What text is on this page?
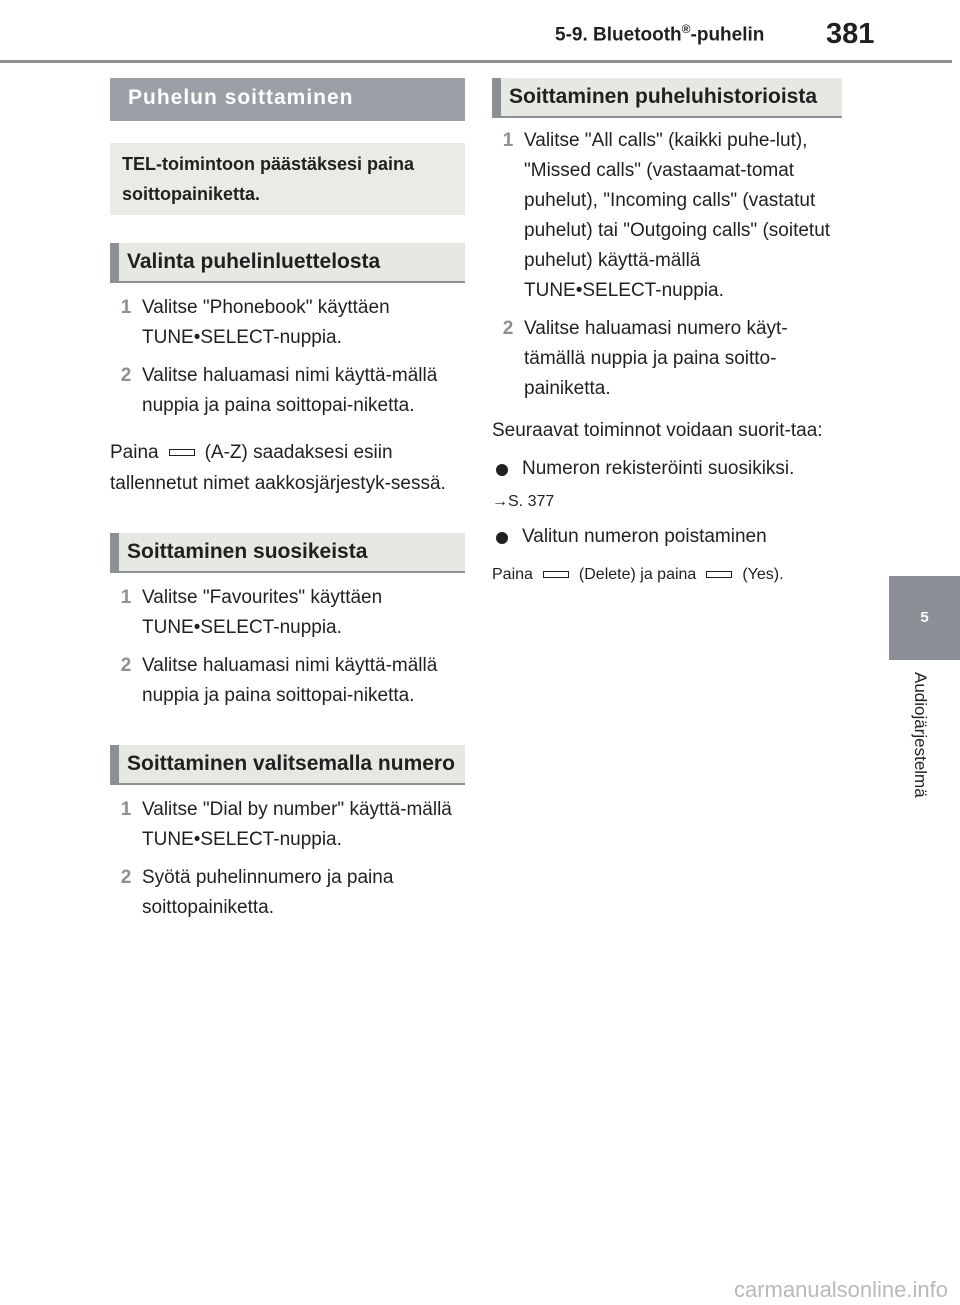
5-9. Bluetooth®-puhelin 381
5
Audiojärjestelmä
Puhelun soittaminen
TEL-toimintoon päästäksesi paina soittopainiketta.
Valinta puhelinluettelosta
1 Valitse "Phonebook" käyttäen TUNE•SELECT-nuppia.
2 Valitse haluamasi nimi käyttä-mällä nuppia ja paina soittopai-niketta.
Paina (A-Z) saadaksesi esiin tallennetut nimet aakkosjärjestyk-sessä.
Soittaminen suosikeista
1 Valitse "Favourites" käyttäen TUNE•SELECT-nuppia.
2 Valitse haluamasi nimi käyttä-mällä nuppia ja paina soittopai-niketta.
Soittaminen valitsemalla numero
1 Valitse "Dial by number" käyttä-mällä TUNE•SELECT-nuppia.
2 Syötä puhelinnumero ja paina soittopainiketta.
Soittaminen puheluhistorioista
1 Valitse "All calls" (kaikki puhe-lut), "Missed calls" (vastaamat-tomat puhelut), "Incoming calls" (vastatut puhelut) tai "Outgoing calls" (soitetut puhelut) käyttä-mällä TUNE•SELECT-nuppia.
2 Valitse haluamasi numero käyt-tämällä nuppia ja paina soitto-painiketta.
Seuraavat toiminnot voidaan suorit-taa:
Numeron rekisteröinti suosikiksi.
→S. 377
Valitun numeron poistaminen
Paina	(Delete) ja paina	(Yes).
carmanualsonline.info
